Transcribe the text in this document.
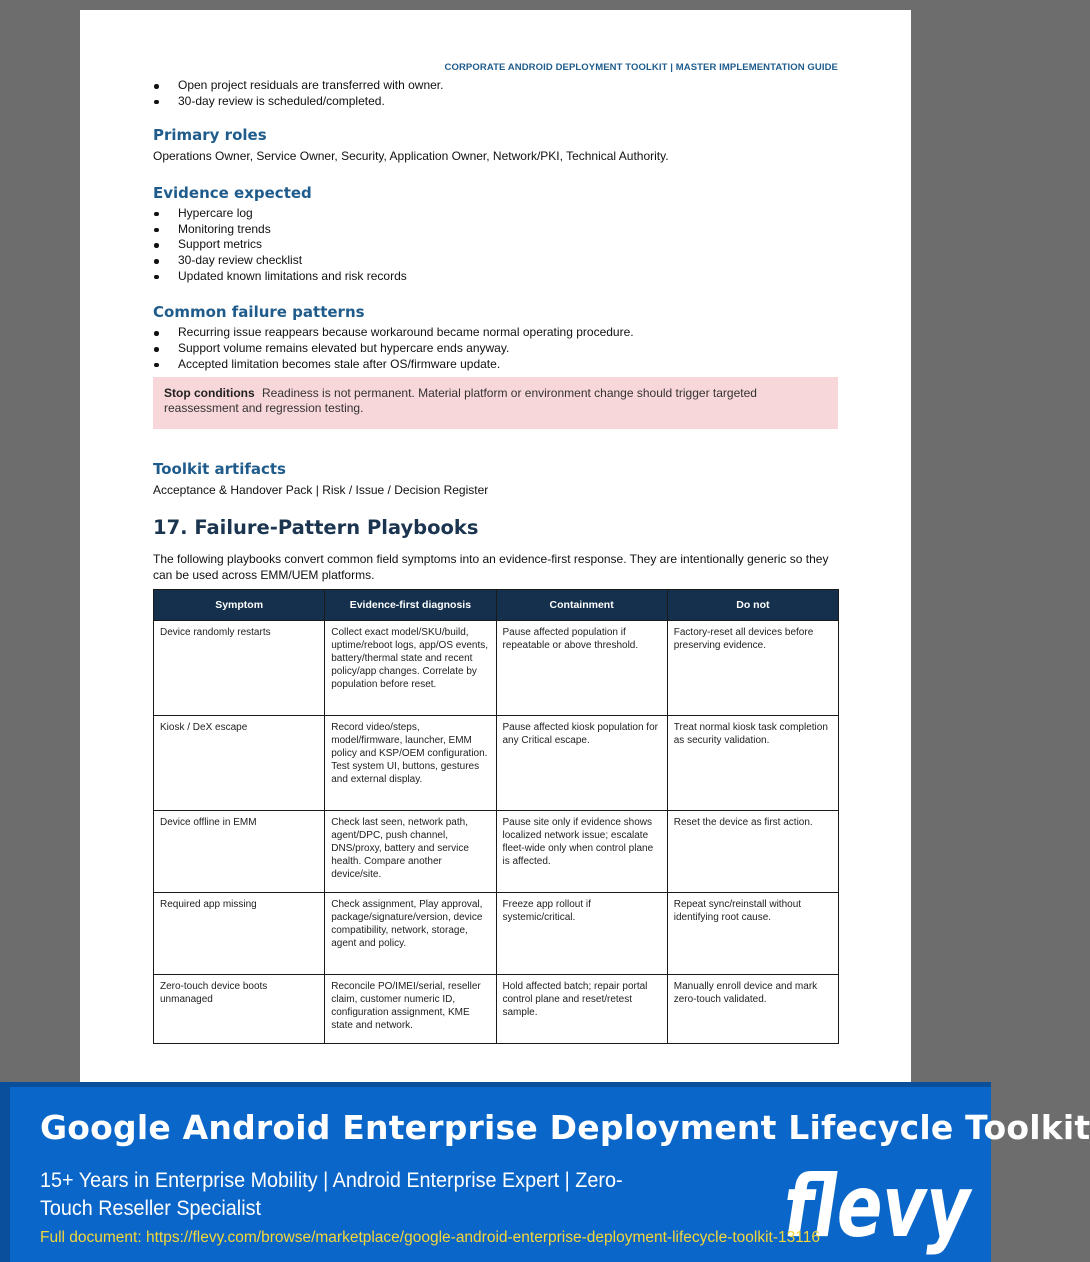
CORPORATE ANDROID DEPLOYMENT TOOLKIT | MASTER IMPLEMENTATION GUIDE
Open project residuals are transferred with owner.
30-day review is scheduled/completed.
Primary roles

Operations Owner, Service Owner, Security, Application Owner, Network/PKI, Technical Authority.

Evidence expected
Hypercare log
Monitoring trends
Support metrics
30-day review checklist
Updated known limitations and risk records
Common failure patterns
Recurring issue reappears because workaround became normal operating procedure.
Support volume remains elevated but hypercare ends anyway.
Accepted limitation becomes stale after OS/firmware update.
Stop conditions Readiness is not permanent. Material platform or environment change should trigger targeted reassessment and regression testing.
Toolkit artifacts

Acceptance & Handover Pack | Risk / Issue / Decision Register

17. Failure-Pattern Playbooks

The following playbooks convert common field symptoms into an evidence-first response. They are intentionally generic so they can be used across EMM/UEM platforms.

Symptom	Evidence-first diagnosis	Containment	Do not
Device randomly restarts	Collect exact model/SKU/build, uptime/reboot logs, app/OS events, battery/thermal state and recent policy/app changes. Correlate by population before reset.	Pause affected population if repeatable or above threshold.	Factory-reset all devices before preserving evidence.
Kiosk / DeX escape	Record video/steps, model/firmware, launcher, EMM policy and KSP/OEM configuration. Test system UI, buttons, gestures and external display.	Pause affected kiosk population for any Critical escape.	Treat normal kiosk task completion as security validation.
Device offline in EMM	Check last seen, network path, agent/DPC, push channel, DNS/proxy, battery and service health. Compare another device/site.	Pause site only if evidence shows localized network issue; escalate fleet-wide only when control plane is affected.	Reset the device as first action.
Required app missing	Check assignment, Play approval, package/signature/version, device compatibility, network, storage, agent and policy.	Freeze app rollout if systemic/critical.	Repeat sync/reinstall without identifying root cause.
Zero-touch device boots unmanaged	Reconcile PO/IMEI/serial, reseller claim, customer numeric ID, configuration assignment, KME state and network.	Hold affected batch; repair portal control plane and reset/retest sample.	Manually enroll device and mark zero-touch validated.
Google Android Enterprise Deployment Lifecycle Toolkit
15+ Years in Enterprise Mobility | Android Enterprise Expert | Zero-Touch Reseller Specialist	flevy
Full document: https://flevy.com/browse/marketplace/google-android-enterprise-deployment-lifecycle-toolkit-13116
